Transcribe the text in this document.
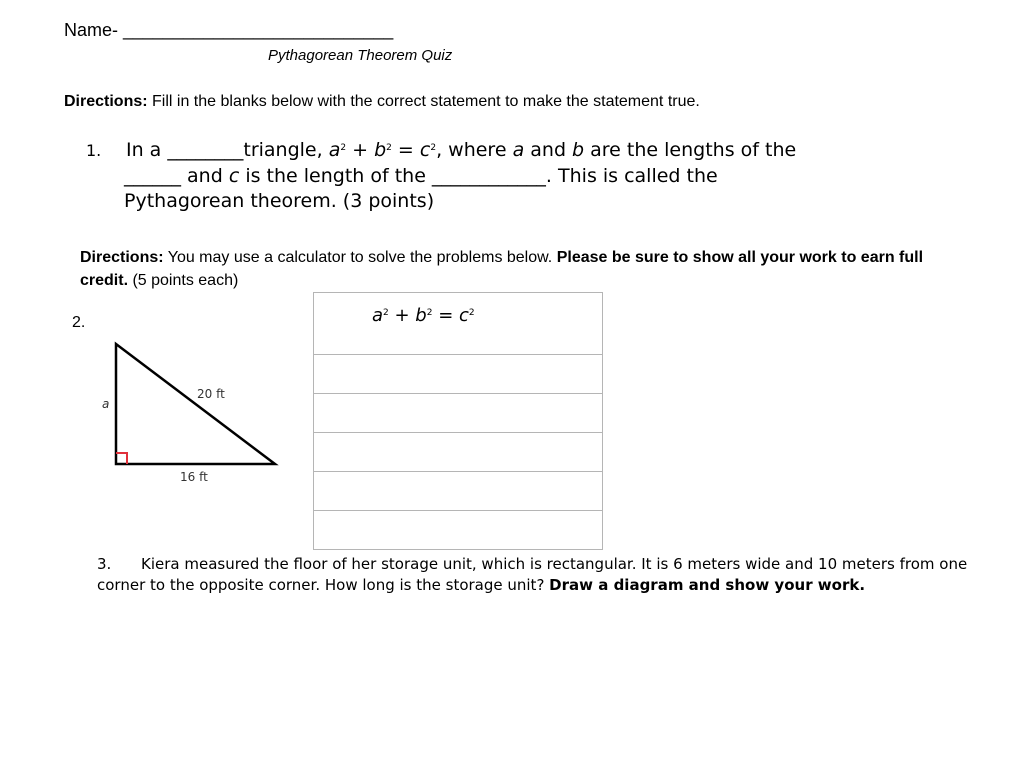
Name- ___________________________
Pythagorean Theorem Quiz
Directions: Fill in the blanks below with the correct statement to make the statement true.
1. In a ________triangle, $a^2 + b^2 = c^2$, where a and b are the lengths of the
______ and c is the length of the ____________. This is called the
Pythagorean theorem. (3 points)
Directions: You may use a calculator to solve the problems below. Please be sure to show all your work to earn full credit. (5 points each)
2.
a
20 ft
16 ft
$a^2 + b^2 = c^2$

3. Kiera measured the floor of her storage unit, which is rectangular. It is 6 meters wide and 10 meters from one corner to the opposite corner. How long is the storage unit? Draw a diagram and show your work.
